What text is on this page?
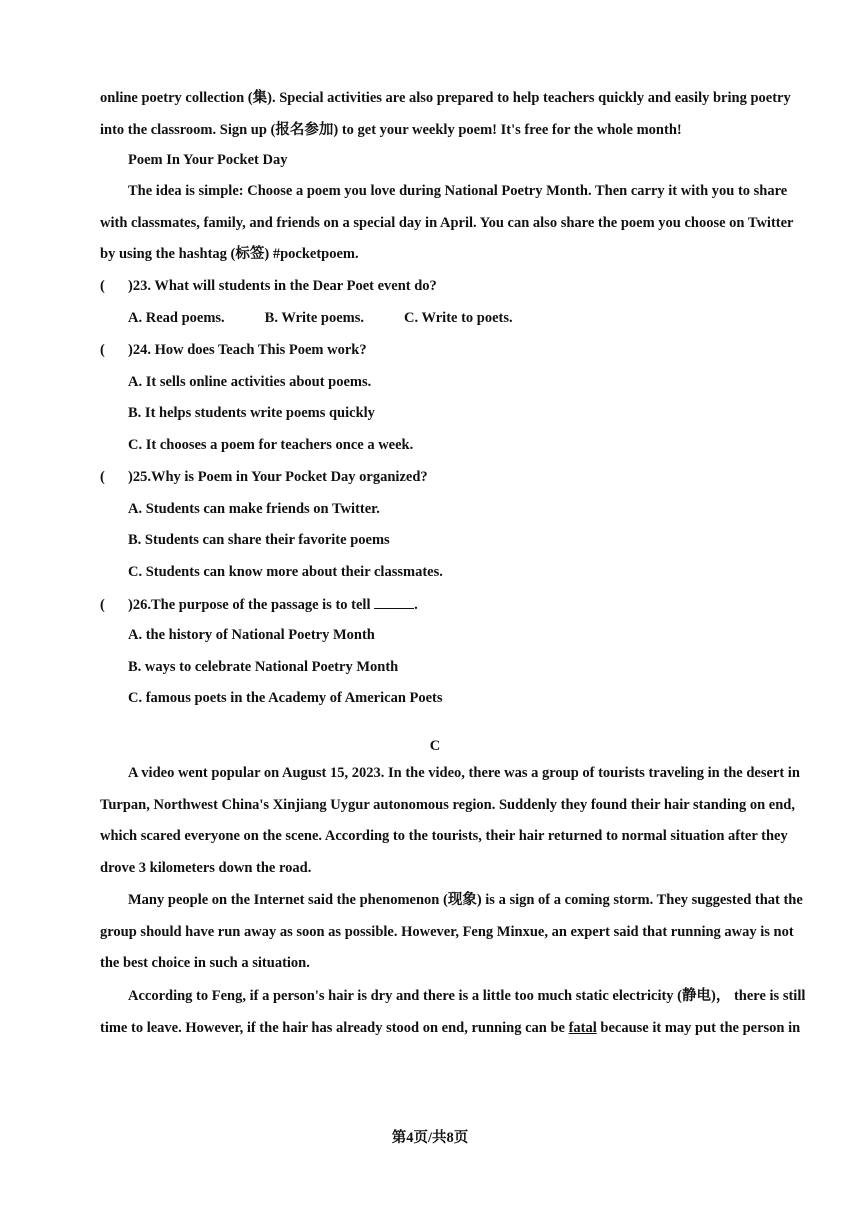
online poetry collection (集). Special activities are also prepared to help teachers quickly and easily bring poetry
into the classroom. Sign up (报名参加) to get your weekly poem! It's free for the whole month!
Poem In Your Pocket Day
The idea is simple: Choose a poem you love during National Poetry Month. Then carry it with you to share
with classmates, family, and friends on a special day in April. You can also share the poem you choose on Twitter
by using the hashtag (标签) #pocketpoem.
( )23. What will students in the Dear Poet event do?
A. Read poems.	B. Write poems.	C. Write to poets.
( )24. How does Teach This Poem work?
A. It sells online activities about poems.
B. It helps students write poems quickly
C. It chooses a poem for teachers once a week.
( )25.Why is Poem in Your Pocket Day organized?
A. Students can make friends on Twitter.
B. Students can share their favorite poems
C. Students can know more about their classmates.
( )26.The purpose of the passage is to tell	.
A. the history of National Poetry Month
B. ways to celebrate National Poetry Month
C. famous poets in the Academy of American Poets
C
A video went popular on August 15, 2023. In the video, there was a group of tourists traveling in the desert in
Turpan, Northwest China's Xinjiang Uygur autonomous region. Suddenly they found their hair standing on end,
which scared everyone on the scene. According to the tourists, their hair returned to normal situation after they
drove 3 kilometers down the road.
Many people on the Internet said the phenomenon (现象) is a sign of a coming storm. They suggested that the
group should have run away as soon as possible. However, Feng Minxue, an expert said that running away is not
the best choice in such a situation.
According to Feng, if a person's hair is dry and there is a little too much static electricity (静电)， there is still
time to leave. However, if the hair has already stood on end, running can be fatal because it may put the person in
第4页/共8页
